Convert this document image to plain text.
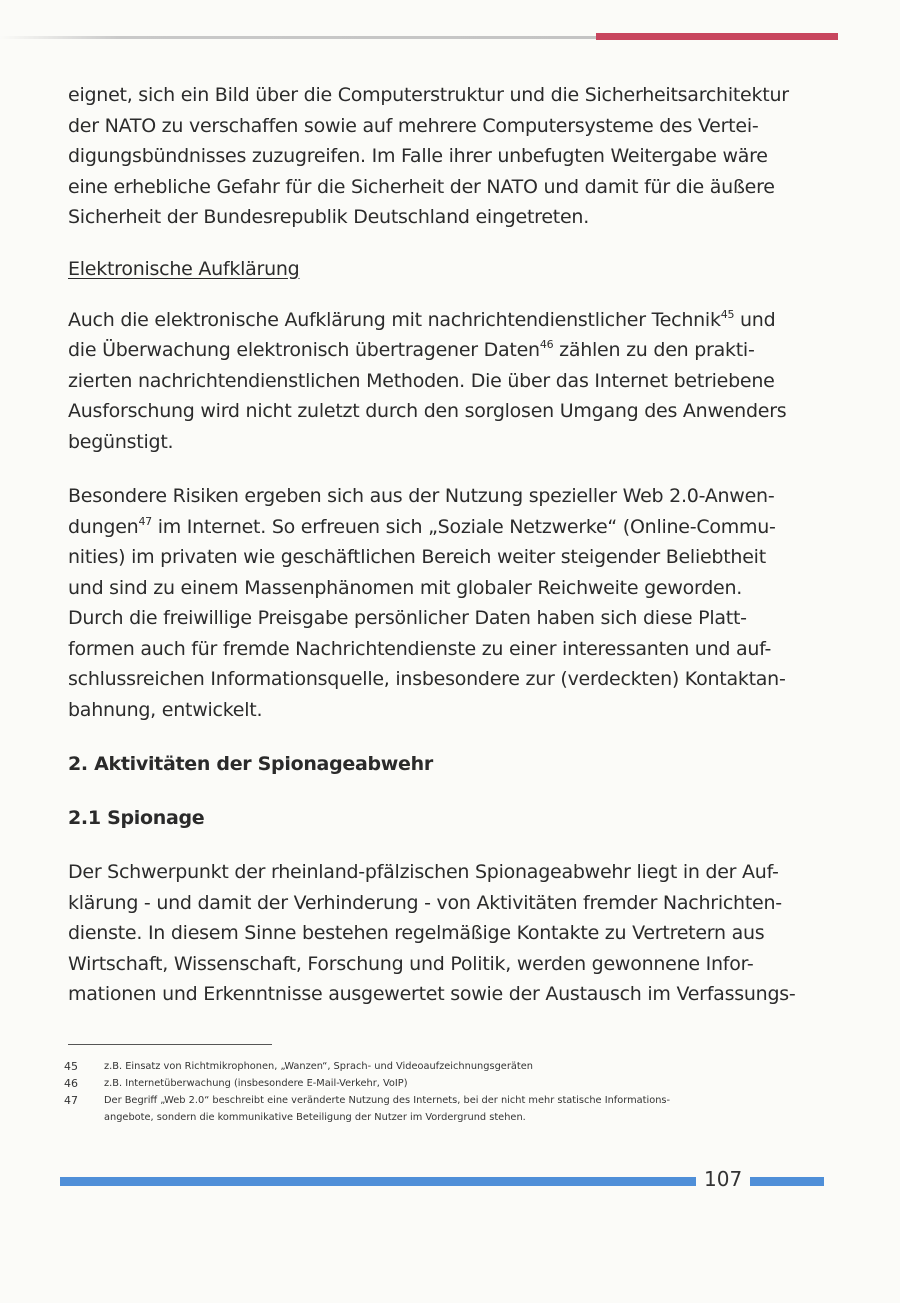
eignet, sich ein Bild über die Computerstruktur und die Sicherheitsarchitektur
der NATO zu verschaffen sowie auf mehrere Computersysteme des Vertei-
digungsbündnisses zuzugreifen. Im Falle ihrer unbefugten Weitergabe wäre
eine erhebliche Gefahr für die Sicherheit der NATO und damit für die äußere
Sicherheit der Bundesrepublik Deutschland eingetreten.

Elektronische Aufklärung

Auch die elektronische Aufklärung mit nachrichtendienstlicher Technik$^{45}$ und
die Überwachung elektronisch übertragener Daten$^{46}$ zählen zu den prakti-
zierten nachrichtendienstlichen Methoden. Die über das Internet betriebene
Ausforschung wird nicht zuletzt durch den sorglosen Umgang des Anwenders
begünstigt.

Besondere Risiken ergeben sich aus der Nutzung spezieller Web 2.0-Anwen-
dungen$^{47}$ im Internet. So erfreuen sich „Soziale Netzwerke“ (Online-Commu-
nities) im privaten wie geschäftlichen Bereich weiter steigender Beliebtheit
und sind zu einem Massenphänomen mit globaler Reichweite geworden.
Durch die freiwillige Preisgabe persönlicher Daten haben sich diese Platt-
formen auch für fremde Nachrichtendienste zu einer interessanten und auf-
schlussreichen Informationsquelle, insbesondere zur (verdeckten) Kontaktan-
bahnung, entwickelt.

2. Aktivitäten der Spionageabwehr
2.1 Spionage

Der Schwerpunkt der rheinland-pfälzischen Spionageabwehr liegt in der Auf-
klärung - und damit der Verhinderung - von Aktivitäten fremder Nachrichten-
dienste. In diesem Sinne bestehen regelmäßige Kontakte zu Vertretern aus
Wirtschaft, Wissenschaft, Forschung und Politik, werden gewonnene Infor-
mationen und Erkenntnisse ausgewertet sowie der Austausch im Verfassungs-

45	z.B. Einsatz von Richtmikrophonen, „Wanzen“, Sprach- und Videoaufzeichnungsgeräten
46	z.B. Internetüberwachung (insbesondere E-Mail-Verkehr, VoIP)
47	Der Begriff „Web 2.0“ beschreibt eine veränderte Nutzung des Internets, bei der nicht mehr statische Informations-
angebote, sondern die kommunikative Beteiligung der Nutzer im Vordergrund stehen.
107
